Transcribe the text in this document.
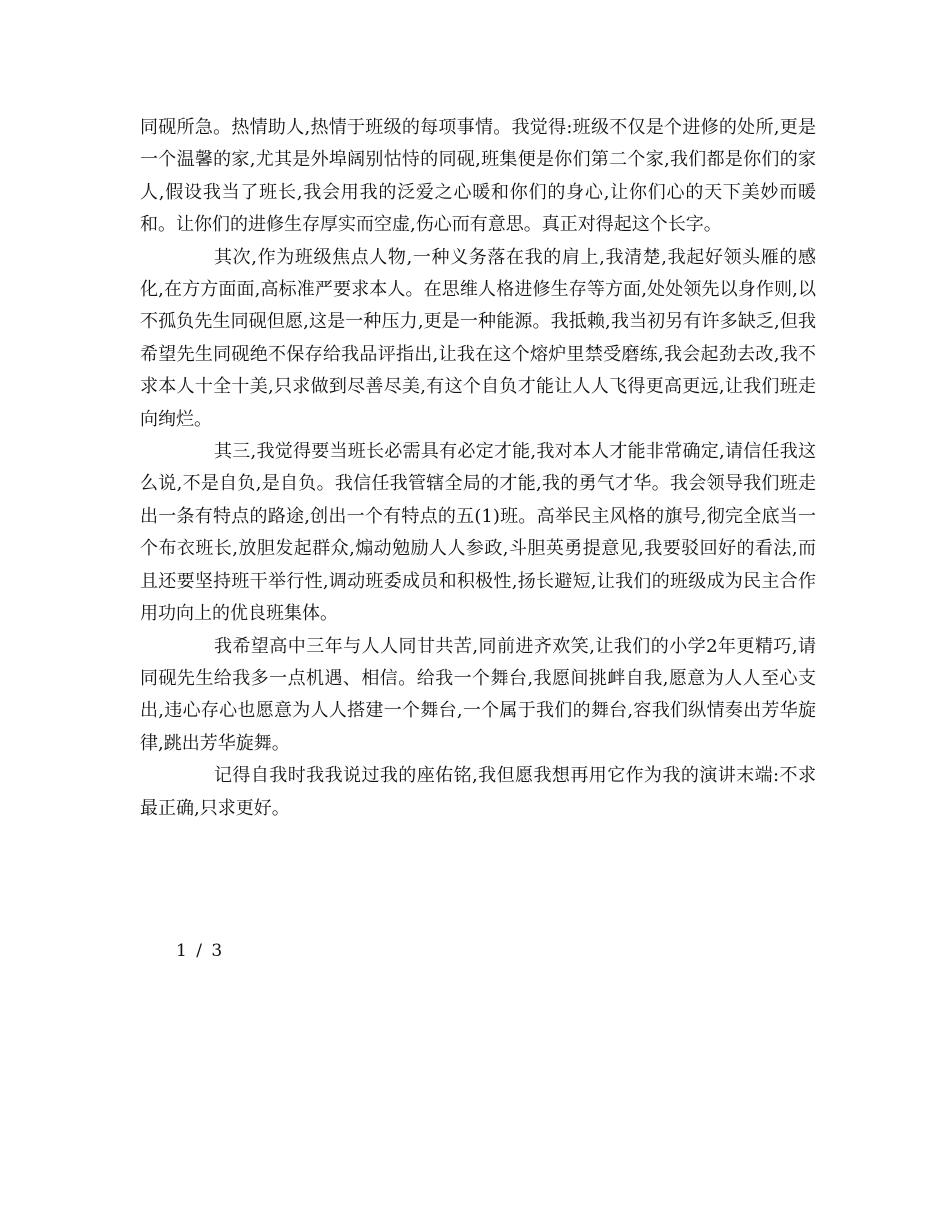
同砚所急。热情助人,热情于班级的每项事情。我觉得:班级不仅是个进修的处所,更是一个温馨的家,尤其是外埠阔别怙恃的同砚,班集便是你们第二个家,我们都是你们的家人,假设我当了班长,我会用我的泛爱之心暖和你们的身心,让你们心的天下美妙而暖和。让你们的进修生存厚实而空虚,伤心而有意思。真正对得起这个长字。

其次,作为班级焦点人物,一种义务落在我的肩上,我清楚,我起好领头雁的感化,在方方面面,高标准严要求本人。在思维人格进修生存等方面,处处领先以身作则,以不孤负先生同砚但愿,这是一种压力,更是一种能源。我抵赖,我当初另有许多缺乏,但我希望先生同砚绝不保存给我品评指出,让我在这个熔炉里禁受磨练,我会起劲去改,我不求本人十全十美,只求做到尽善尽美,有这个自负才能让人人飞得更高更远,让我们班走向绚烂。

其三,我觉得要当班长必需具有必定才能,我对本人才能非常确定,请信任我这么说,不是自负,是自负。我信任我管辖全局的才能,我的勇气才华。我会领导我们班走出一条有特点的路途,创出一个有特点的五(1)班。高举民主风格的旗号,彻完全底当一个布衣班长,放胆发起群众,煽动勉励人人参政,斗胆英勇提意见,我要驳回好的看法,而且还要坚持班干举行性,调动班委成员和积极性,扬长避短,让我们的班级成为民主合作用功向上的优良班集体。

我希望高中三年与人人同甘共苦,同前进齐欢笑,让我们的小学2年更精巧,请同砚先生给我多一点机遇、相信。给我一个舞台,我愿间挑衅自我,愿意为人人至心支出,违心存心也愿意为人人搭建一个舞台,一个属于我们的舞台,容我们纵情奏出芳华旋律,跳出芳华旋舞。

记得自我时我我说过我的座佑铭,我但愿我想再用它作为我的演讲末端:不求最正确,只求更好。

1 / 3
